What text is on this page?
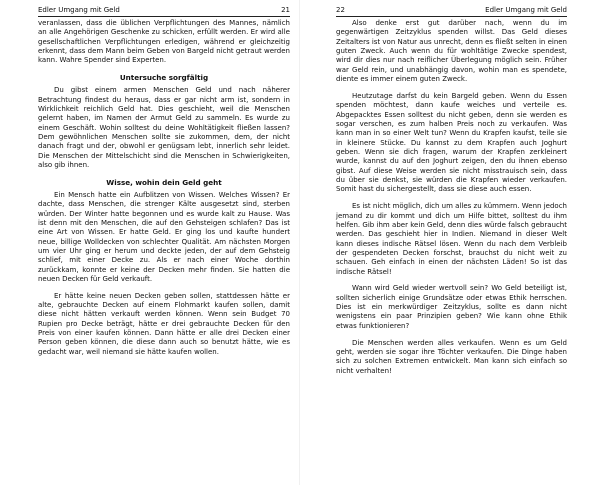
Edler Umgang mit Geld	21

veranlassen, dass die üblichen Verpflichtungen des Mannes, nämlich an alle Angehörigen Geschenke zu schicken, erfüllt werden. Er wird alle gesellschaftlichen Verpflichtungen erledigen, während er gleichzeitig erkennt, dass dem Mann beim Geben von Bargeld nicht getraut werden kann. Wahre Spender sind Experten.

Untersuche sorgfältig

Du gibst einem armen Menschen Geld und nach näherer Betrachtung findest du heraus, dass er gar nicht arm ist, sondern in Wirklichkeit reichlich Geld hat. Dies geschieht, weil die Menschen gelernt haben, im Namen der Armut Geld zu sammeln. Es wurde zu einem Geschäft. Wohin solltest du deine Wohltätigkeit fließen lassen? Dem gewöhnlichen Menschen sollte sie zukommen, dem, der nicht danach fragt und der, obwohl er genügsam lebt, innerlich sehr leidet. Die Menschen der Mittelschicht sind die Menschen in Schwierigkeiten, also gib ihnen.

Wisse, wohin dein Geld geht

Ein Mensch hatte ein Aufblitzen von Wissen. Welches Wissen? Er dachte, dass Menschen, die strenger Kälte ausgesetzt sind, sterben würden. Der Winter hatte begonnen und es wurde kalt zu Hause. Was ist denn mit den Menschen, die auf den Gehsteigen schlafen? Das ist eine Art von Wissen. Er hatte Geld. Er ging los und kaufte hundert neue, billige Wolldecken von schlechter Qualität. Am nächsten Morgen um vier Uhr ging er herum und deckte jeden, der auf dem Gehsteig schlief, mit einer Decke zu. Als er nach einer Woche dorthin zurückkam, konnte er keine der Decken mehr finden. Sie hatten die neuen Decken für Geld verkauft.

Er hätte keine neuen Decken geben sollen, stattdessen hätte er alte, gebrauchte Decken auf einem Flohmarkt kaufen sollen, damit diese nicht hätten verkauft werden können. Wenn sein Budget 70 Rupien pro Decke beträgt, hätte er drei gebrauchte Decken für den Preis von einer kaufen können. Dann hätte er alle drei Decken einer Person geben können, die diese dann auch so benutzt hätte, wie es gedacht war, weil niemand sie hätte kaufen wollen.

22	Edler Umgang mit Geld

Also denke erst gut darüber nach, wenn du im gegenwärtigen Zeitzyklus spenden willst. Das Geld dieses Zeitalters ist von Natur aus unrecht, denn es fließt selten in einen guten Zweck. Auch wenn du für wohltätige Zwecke spendest, wird dir dies nur nach reiflicher Überlegung möglich sein. Früher war Geld rein, und unabhängig davon, wohin man es spendete, diente es immer einem guten Zweck.

Heutzutage darfst du kein Bargeld geben. Wenn du Essen spenden möchtest, dann kaufe weiches und verteile es. Abgepacktes Essen solltest du nicht geben, denn sie werden es sogar verschen, es zum halben Preis noch zu verkaufen. Was kann man in so einer Welt tun? Wenn du Krapfen kaufst, teile sie in kleinere Stücke. Du kannst zu dem Krapfen auch Joghurt geben. Wenn sie dich fragen, warum der Krapfen zerkleinert wurde, kannst du auf den Joghurt zeigen, den du ihnen ebenso gibst. Auf diese Weise werden sie nicht misstrauisch sein, dass du über sie denkst, sie würden die Krapfen wieder verkaufen. Somit hast du sichergestellt, dass sie diese auch essen.

Es ist nicht möglich, dich um alles zu kümmern. Wenn jedoch jemand zu dir kommt und dich um Hilfe bittet, solltest du ihm helfen. Gib ihm aber kein Geld, denn dies würde falsch gebraucht werden. Das geschieht hier in Indien. Niemand in dieser Welt kann dieses indische Rätsel lösen. Wenn du nach dem Verbleib der gespendeten Decken forschst, brauchst du nicht weit zu schauen. Geh einfach in einen der nächsten Läden! So ist das indische Rätsel!

Wann wird Geld wieder wertvoll sein? Wo Geld beteiligt ist, sollten sicherlich einige Grundsätze oder etwas Ethik herrschen. Dies ist ein merkwürdiger Zeitzyklus, sollte es dann nicht wenigstens ein paar Prinzipien geben? Wie kann ohne Ethik etwas funktionieren?

Die Menschen werden alles verkaufen. Wenn es um Geld geht, werden sie sogar ihre Töchter verkaufen. Die Dinge haben sich zu solchen Extremen entwickelt. Man kann sich einfach so nicht verhalten!
